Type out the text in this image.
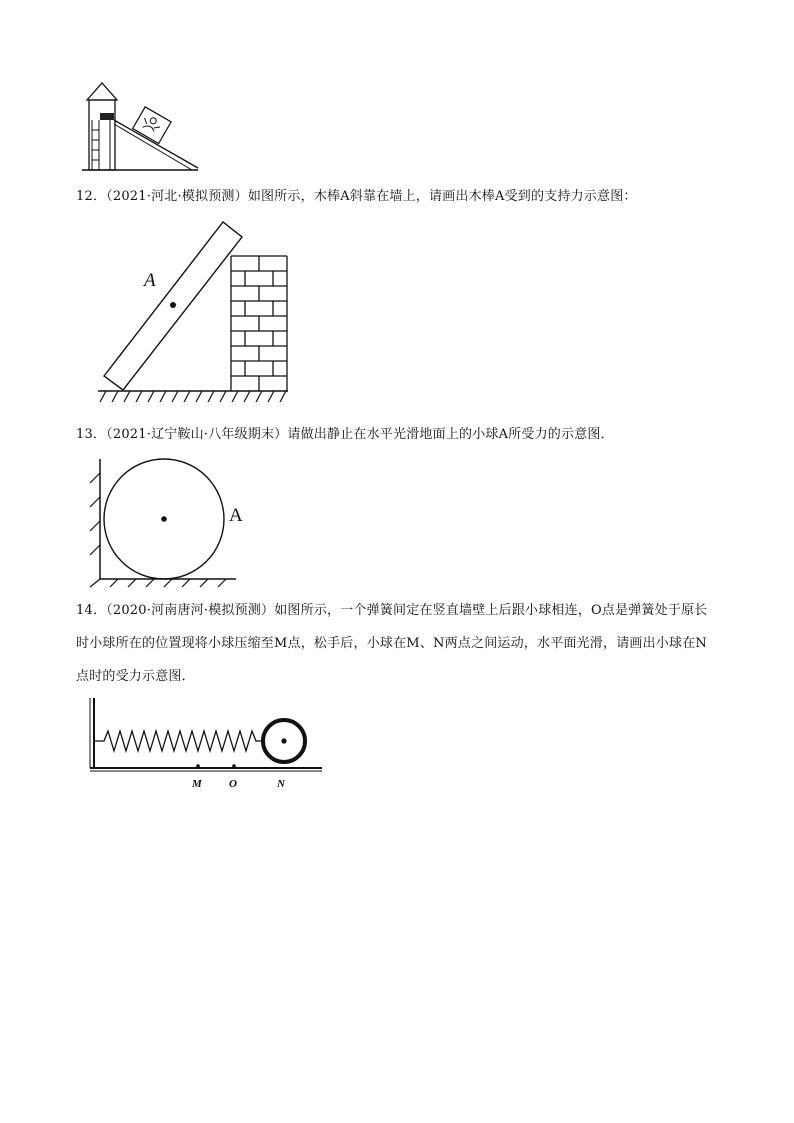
12．（2021·河北·模拟预测）如图所示，木棒A斜靠在墙上，请画出木棒A受到的支持力示意图：
A
13．（2021·辽宁鞍山·八年级期末）请做出静止在水平光滑地面上的小球A所受力的示意图．
A
14．（2020·河南唐河·模拟预测）如图所示，一个弹簧间定在竖直墙壁上后跟小球相连，O点是弹簧处于原长时小球所在的位置现将小球压缩至M点，松手后，小球在M、N两点之间运动，水平面光滑，请画出小球在N点时的受力示意图．
M O	N
